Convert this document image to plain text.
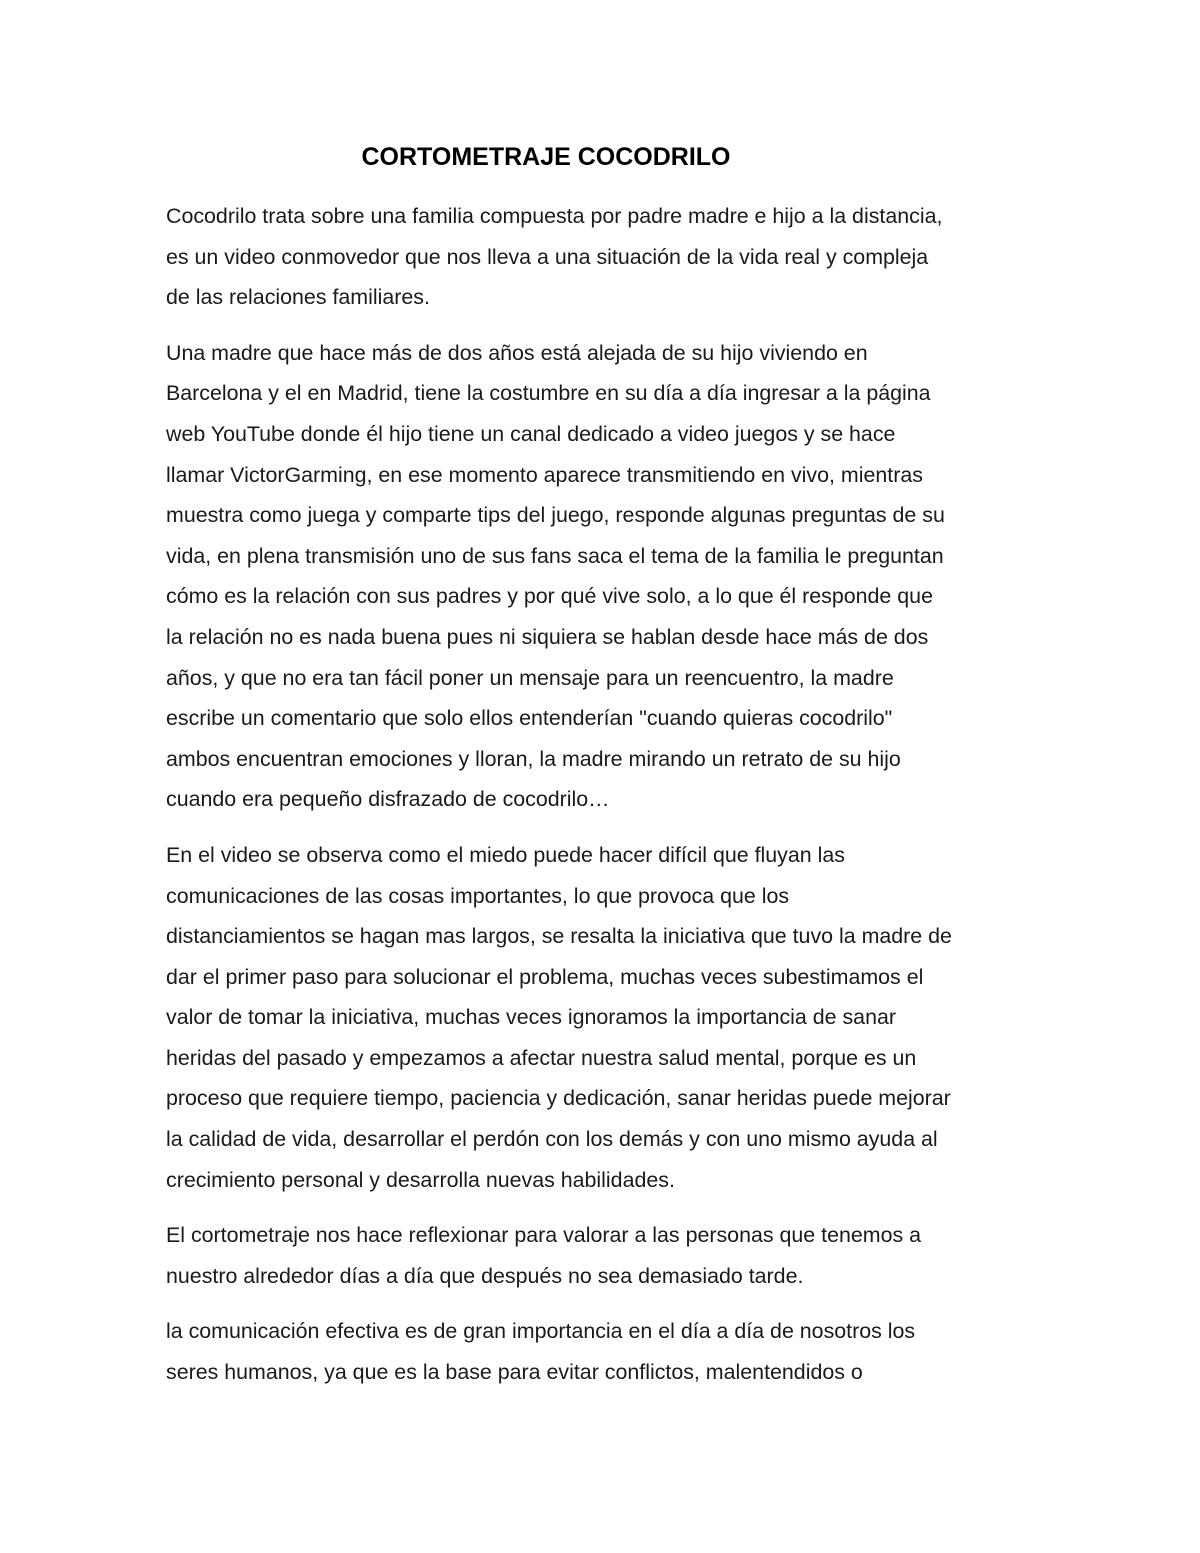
CORTOMETRAJE COCODRILO

Cocodrilo trata sobre una familia compuesta por padre madre e hijo a la distancia,
es un video conmovedor que nos lleva a una situación de la vida real y compleja
de las relaciones familiares.

Una madre que hace más de dos años está alejada de su hijo viviendo en
Barcelona y el en Madrid, tiene la costumbre en su día a día ingresar a la página
web YouTube donde él hijo tiene un canal dedicado a video juegos y se hace
llamar VictorGarming, en ese momento aparece transmitiendo en vivo, mientras
muestra como juega y comparte tips del juego, responde algunas preguntas de su
vida, en plena transmisión uno de sus fans saca el tema de la familia le preguntan
cómo es la relación con sus padres y por qué vive solo, a lo que él responde que
la relación no es nada buena pues ni siquiera se hablan desde hace más de dos
años, y que no era tan fácil poner un mensaje para un reencuentro, la madre
escribe un comentario que solo ellos entenderían "cuando quieras cocodrilo"
ambos encuentran emociones y lloran, la madre mirando un retrato de su hijo
cuando era pequeño disfrazado de cocodrilo…

En el video se observa como el miedo puede hacer difícil que fluyan las
comunicaciones de las cosas importantes, lo que provoca que los
distanciamientos se hagan mas largos, se resalta la iniciativa que tuvo la madre de
dar el primer paso para solucionar el problema, muchas veces subestimamos el
valor de tomar la iniciativa, muchas veces ignoramos la importancia de sanar
heridas del pasado y empezamos a afectar nuestra salud mental, porque es un
proceso que requiere tiempo, paciencia y dedicación, sanar heridas puede mejorar
la calidad de vida, desarrollar el perdón con los demás y con uno mismo ayuda al
crecimiento personal y desarrolla nuevas habilidades.

El cortometraje nos hace reflexionar para valorar a las personas que tenemos a
nuestro alrededor días a día que después no sea demasiado tarde.

la comunicación efectiva es de gran importancia en el día a día de nosotros los
seres humanos, ya que es la base para evitar conflictos, malentendidos o
